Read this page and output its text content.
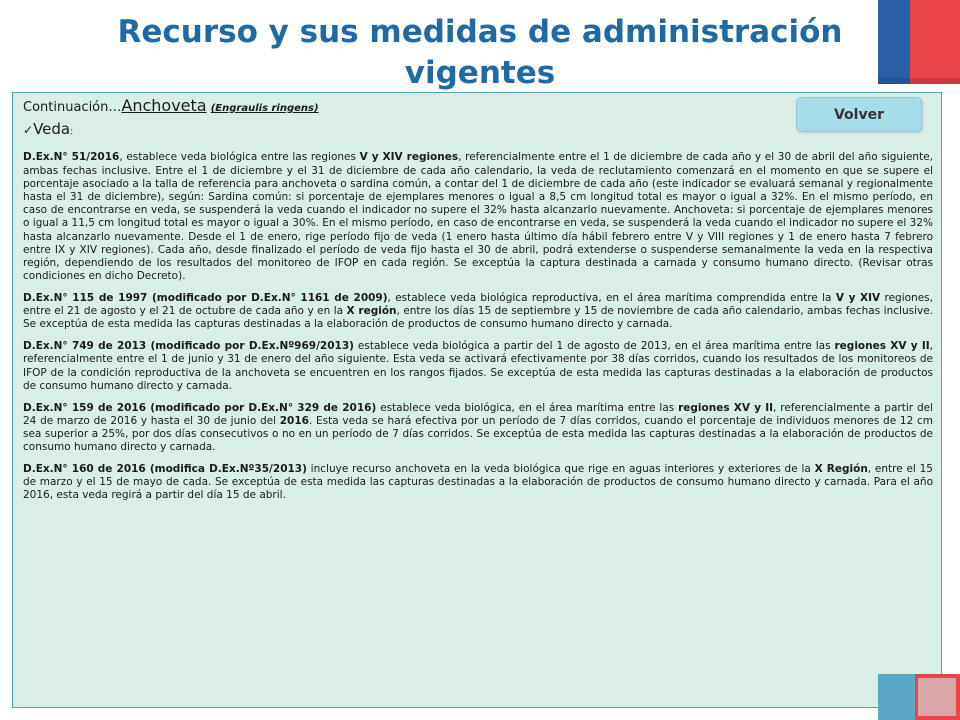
Recurso y sus medidas de administración vigentes
Continuación…Anchoveta (Engraulis ringens)
✓Veda:

D.Ex.N° 51/2016, establece veda biológica entre las regiones V y XIV regiones, referencialmente entre el 1 de diciembre de cada año y el 30 de abril del año siguiente, ambas fechas inclusive. Entre el 1 de diciembre y el 31 de diciembre de cada año calendario, la veda de reclutamiento comenzará en el momento en que se supere el porcentaje asociado a la talla de referencia para anchoveta o sardina común, a contar del 1 de diciembre de cada año (este indicador se evaluará semanal y regionalmente hasta el 31 de diciembre), según: Sardina común: si porcentaje de ejemplares menores o igual a 8,5 cm longitud total es mayor o igual a 32%. En el mismo período, en caso de encontrarse en veda, se suspenderá la veda cuando el indicador no supere el 32% hasta alcanzarlo nuevamente. Anchoveta: si porcentaje de ejemplares menores o igual a 11,5 cm longitud total es mayor o igual a 30%. En el mismo período, en caso de encontrarse en veda, se suspenderá la veda cuando el indicador no supere el 32% hasta alcanzarlo nuevamente. Desde el 1 de enero, rige período fijo de veda (1 enero hasta último día hábil febrero entre V y VIII regiones y 1 de enero hasta 7 febrero entre IX y XIV regiones). Cada año, desde finalizado el período de veda fijo hasta el 30 de abril, podrá extenderse o suspenderse semanalmente la veda en la respectiva región, dependiendo de los resultados del monitoreo de IFOP en cada región. Se exceptúa la captura destinada a carnada y consumo humano directo. (Revisar otras condiciones en dicho Decreto).

D.Ex.N° 115 de 1997 (modificado por D.Ex.N° 1161 de 2009), establece veda biológica reproductiva, en el área marítima comprendida entre la V y XIV regiones, entre el 21 de agosto y el 21 de octubre de cada año y en la X región, entre los días 15 de septiembre y 15 de noviembre de cada año calendario, ambas fechas inclusive. Se exceptúa de esta medida las capturas destinadas a la elaboración de productos de consumo humano directo y carnada.

D.Ex.N° 749 de 2013 (modificado por D.Ex.Nº969/2013) establece veda biológica a partir del 1 de agosto de 2013, en el área marítima entre las regiones XV y II, referencialmente entre el 1 de junio y 31 de enero del año siguiente. Esta veda se activará efectivamente por 38 días corridos, cuando los resultados de los monitoreos de IFOP de la condición reproductiva de la anchoveta se encuentren en los rangos fijados. Se exceptúa de esta medida las capturas destinadas a la elaboración de productos de consumo humano directo y carnada.

D.Ex.N° 159 de 2016 (modificado por D.Ex.N° 329 de 2016) establece veda biológica, en el área marítima entre las regiones XV y II, referencialmente a partir del 24 de marzo de 2016 y hasta el 30 de junio del 2016. Esta veda se hará efectiva por un período de 7 días corridos, cuando el porcentaje de individuos menores de 12 cm sea superior a 25%, por dos días consecutivos o no en un período de 7 días corridos. Se exceptúa de esta medida las capturas destinadas a la elaboración de productos de consumo humano directo y carnada.

D.Ex.N° 160 de 2016 (modifica D.Ex.Nº35/2013) incluye recurso anchoveta en la veda biológica que rige en aguas interiores y exteriores de la X Región, entre el 15 de marzo y el 15 de mayo de cada. Se exceptúa de esta medida las capturas destinadas a la elaboración de productos de consumo humano directo y carnada. Para el año 2016, esta veda regirá a partir del día 15 de abril.

Volver
